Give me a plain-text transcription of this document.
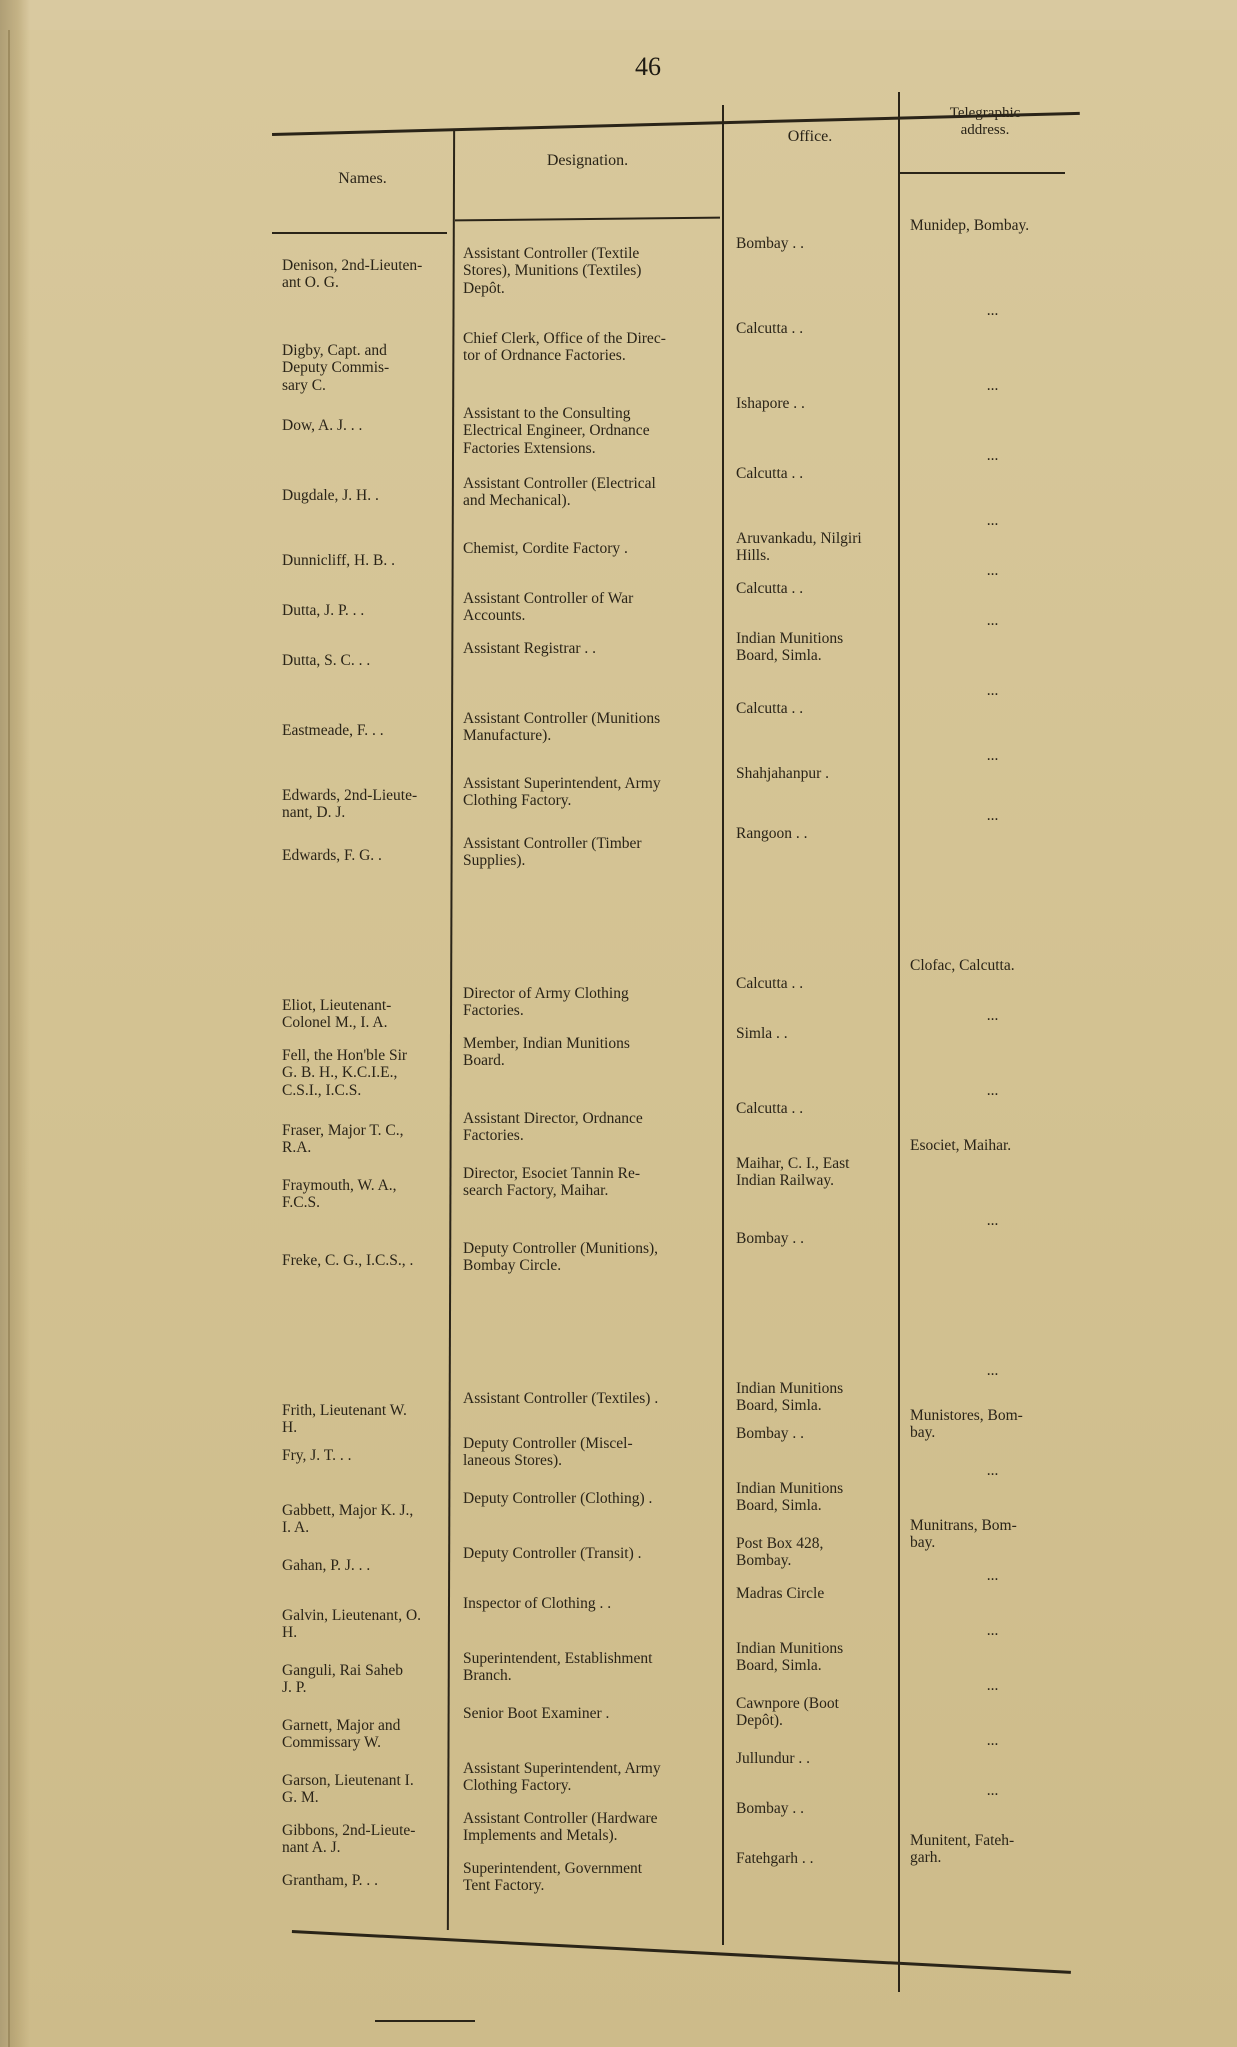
46
Names.
Designation.
Office.
Telegraphic
address.
Denison, 2nd-Lieuten-
ant O. G.
Assistant Controller (Textile
Stores), Munitions (Textiles)
Depôt.
Bombay . .
Munidep, Bombay.
Digby, Capt. and
Deputy Commis-
sary C.
Chief Clerk, Office of the Direc-
tor of Ordnance Factories.
Calcutta . .
...
Dow, A. J. . .
Assistant to the Consulting
Electrical Engineer, Ordnance
Factories Extensions.
Ishapore . .
...
Dugdale, J. H. .
Assistant Controller (Electrical
and Mechanical).
Calcutta . .
...
Dunnicliff, H. B. .
Chemist, Cordite Factory .
Aruvankadu, Nilgiri
Hills.
...
Dutta, J. P. . .
Assistant Controller of War
Accounts.
Calcutta . .
...
Dutta, S. C. . .
Assistant Registrar . .
Indian Munitions
Board, Simla.
...
Eastmeade, F. . .
Assistant Controller (Munitions
Manufacture).
Calcutta . .
...
Edwards, 2nd-Lieute-
nant, D. J.
Assistant Superintendent, Army
Clothing Factory.
Shahjahanpur .
...
Edwards, F. G. .
Assistant Controller (Timber
Supplies).
Rangoon . .
...
Eliot, Lieutenant-
Colonel M., I. A.
Director of Army Clothing
Factories.
Calcutta . .
Clofac, Calcutta.
Fell, the Hon'ble Sir
G. B. H., K.C.I.E.,
C.S.I., I.C.S.
Member, Indian Munitions
Board.
Simla . .
...
Fraser, Major T. C.,
R.A.
Assistant Director, Ordnance
Factories.
Calcutta . .
...
Fraymouth, W. A.,
F.C.S.
Director, Esociet Tannin Re-
search Factory, Maihar.
Maihar, C. I., East
Indian Railway.
Esociet, Maihar.
Freke, C. G., I.C.S., .
Deputy Controller (Munitions),
Bombay Circle.
Bombay . .
...
Frith, Lieutenant W.
H.
Assistant Controller (Textiles) .
Indian Munitions
Board, Simla.
...
Fry, J. T. . .
Deputy Controller (Miscel-
laneous Stores).
Bombay . .
Munistores, Bom-
bay.
Gabbett, Major K. J.,
I. A.
Deputy Controller (Clothing) .
Indian Munitions
Board, Simla.
...
Gahan, P. J. . .
Deputy Controller (Transit) .
Post Box 428,
Bombay.
Munitrans, Bom-
bay.
Galvin, Lieutenant, O.
H.
Inspector of Clothing . .
Madras Circle
...
Ganguli, Rai Saheb
J. P.
Superintendent, Establishment
Branch.
Indian Munitions
Board, Simla.
...
Garnett, Major and
Commissary W.
Senior Boot Examiner .
Cawnpore (Boot
Depôt).
...
Garson, Lieutenant I.
G. M.
Assistant Superintendent, Army
Clothing Factory.
Jullundur . .
...
Gibbons, 2nd-Lieute-
nant A. J.
Assistant Controller (Hardware
Implements and Metals).
Bombay . .
...
Grantham, P. . .
Superintendent, Government
Tent Factory.
Fatehgarh . .
Munitent, Fateh-
garh.
